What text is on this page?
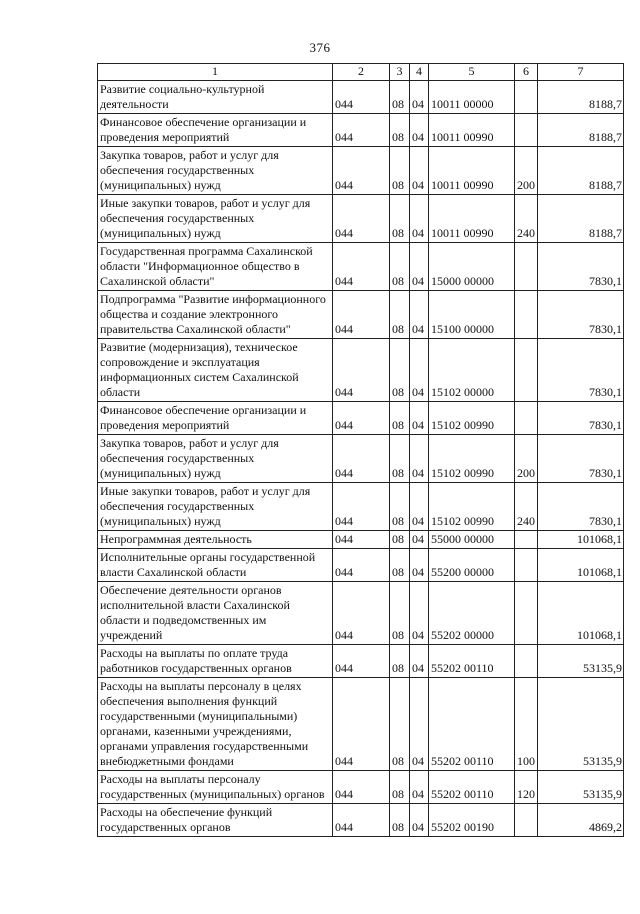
376
1	2	3	4	5	6	7
Развитие социально-культурной деятельности	044	08	04	10011 00000		8188,7
Финансовое обеспечение организации и проведения мероприятий	044	08	04	10011 00990		8188,7
Закупка товаров, работ и услуг для обеспечения государственных (муниципальных) нужд	044	08	04	10011 00990	200	8188,7
Иные закупки товаров, работ и услуг для обеспечения государственных (муниципальных) нужд	044	08	04	10011 00990	240	8188,7
Государственная программа Сахалинской области "Информационное общество в Сахалинской области"	044	08	04	15000 00000		7830,1
Подпрограмма "Развитие информационного общества и создание электронного правительства Сахалинской области"	044	08	04	15100 00000		7830,1
Развитие (модернизация), техническое сопровождение и эксплуатация информационных систем Сахалинской области	044	08	04	15102 00000		7830,1
Финансовое обеспечение организации и проведения мероприятий	044	08	04	15102 00990		7830,1
Закупка товаров, работ и услуг для обеспечения государственных (муниципальных) нужд	044	08	04	15102 00990	200	7830,1
Иные закупки товаров, работ и услуг для обеспечения государственных (муниципальных) нужд	044	08	04	15102 00990	240	7830,1
Непрограммная деятельность	044	08	04	55000 00000		101068,1
Исполнительные органы государственной власти Сахалинской области	044	08	04	55200 00000		101068,1
Обеспечение деятельности органов исполнительной власти Сахалинской области и подведомственных им учреждений	044	08	04	55202 00000		101068,1
Расходы на выплаты по оплате труда работников государственных органов	044	08	04	55202 00110		53135,9
Расходы на выплаты персоналу в целях обеспечения выполнения функций государственными (муниципальными) органами, казенными учреждениями, органами управления государственными внебюджетными фондами	044	08	04	55202 00110	100	53135,9
Расходы на выплаты персоналу государственных (муниципальных) органов	044	08	04	55202 00110	120	53135,9
Расходы на обеспечение функций государственных органов	044	08	04	55202 00190		4869,2
